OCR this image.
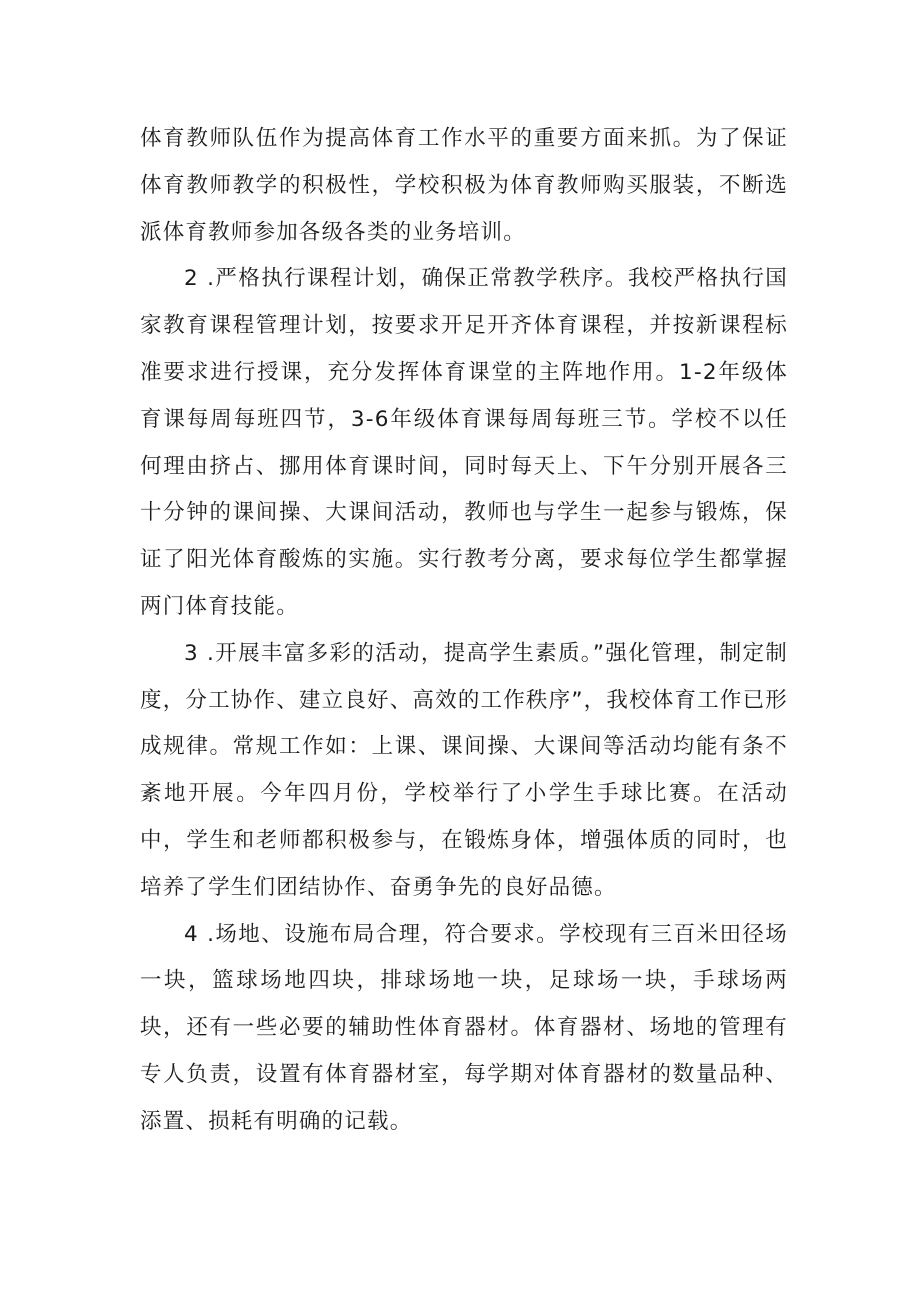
体育教师队伍作为提高体育工作水平的重要方面来抓。为了保证体育教师教学的积极性，学校积极为体育教师购买服装，不断选派体育教师参加各级各类的业务培训。

2 .严格执行课程计划，确保正常教学秩序。我校严格执行国家教育课程管理计划，按要求开足开齐体育课程，并按新课程标准要求进行授课，充分发挥体育课堂的主阵地作用。1-2年级体育课每周每班四节，3-6年级体育课每周每班三节。学校不以任何理由挤占、挪用体育课时间，同时每天上、下午分别开展各三十分钟的课间操、大课间活动，教师也与学生一起参与锻炼，保证了阳光体育酸炼的实施。实行教考分离，要求每位学生都掌握两门体育技能。

3 .开展丰富多彩的活动，提高学生素质。”强化管理，制定制度，分工协作、建立良好、高效的工作秩序”，我校体育工作已形成规律。常规工作如：上课、课间操、大课间等活动均能有条不紊地开展。今年四月份，学校举行了小学生手球比赛。在活动中，学生和老师都积极参与，在锻炼身体，增强体质的同时，也培养了学生们团结协作、奋勇争先的良好品德。

4 .场地、设施布局合理，符合要求。学校现有三百米田径场一块，篮球场地四块，排球场地一块，足球场一块，手球场两块，还有一些必要的辅助性体育器材。体育器材、场地的管理有专人负责，设置有体育器材室，每学期对体育器材的数量品种、添置、损耗有明确的记载。
